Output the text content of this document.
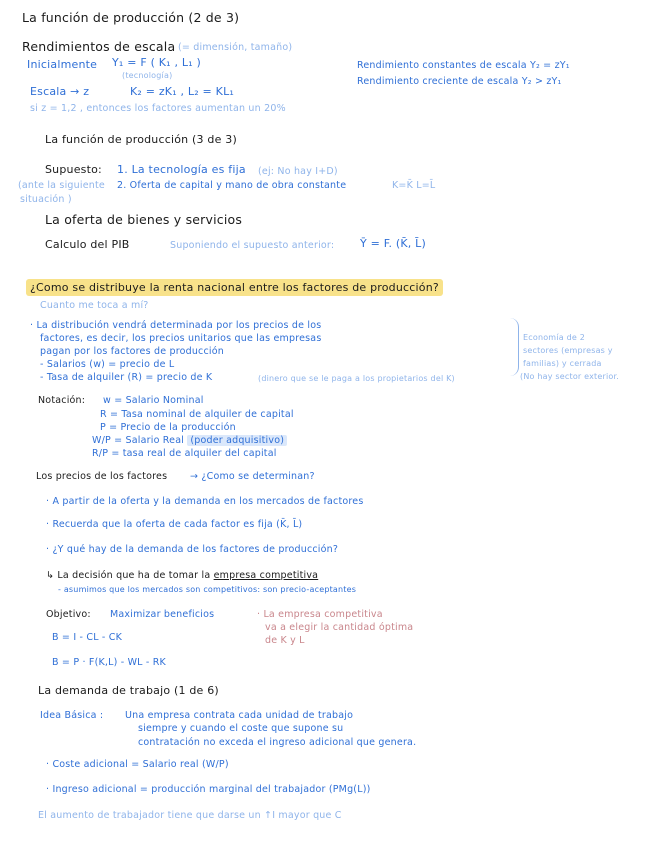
La función de producción (2 de 3)
Rendimientos de escala (= dimensión, tamaño)
Inicialmente Y₁ = F ( K₁ , L₁ )
(tecnología)
Escala → z	K₂ = zK₁ , L₂ = KL₁
si z = 1,2 , entonces los factores aumentan un 20%
Rendimiento constantes de escala Y₂ = zY₁
Rendimiento creciente de escala Y₂ > zY₁
La función de producción (3 de 3)
Supuesto: 1. La tecnología es fija (ej: No hay I+D)
(ante la siguiente
situación )
2. Oferta de capital y mano de obra constante	K=K̄ L=L̄
La oferta de bienes y servicios
Calculo del PIB	Suponiendo el supuesto anterior: Ȳ = F. (K̄, L̄)
¿Como se distribuye la renta nacional entre los factores de producción?
Cuanto me toca a mí?
· La distribución vendrá determinada por los precios de los
factores, es decir, los precios unitarios que las empresas
pagan por los factores de producción
- Salarios (w) = precio de L
- Tasa de alquiler (R) = precio de K	(dinero que se le paga a los propietarios del K)
Economía de 2
sectores (empresas y
familias) y cerrada
(No hay sector exterior.
Notación: w = Salario Nominal
R = Tasa nominal de alquiler de capital
P = Precio de la producción
W/P = Salario Real (poder adquisitivo)
R/P = tasa real de alquiler del capital
Los precios de los factores → ¿Como se determinan?
· A partir de la oferta y la demanda en los mercados de factores
· Recuerda que la oferta de cada factor es fija (K̄, L̄)
· ¿Y qué hay de la demanda de los factores de producción?
↳ La decisión que ha de tomar la empresa competitiva
- asumimos que los mercados son competitivos: son precio-aceptantes
Objetivo: Maximizar beneficios	· La empresa competitiva
va a elegir la cantidad óptima
de K y L
B = I - CL - CK
B = P · F(K,L) - WL - RK
La demanda de trabajo (1 de 6)
Idea Básica : Una empresa contrata cada unidad de trabajo
siempre y cuando el coste que supone su
contratación no exceda el ingreso adicional que genera.
· Coste adicional = Salario real (W/P)
· Ingreso adicional = producción marginal del trabajador (PMg(L))
El aumento de trabajador tiene que darse un ↑I mayor que C
